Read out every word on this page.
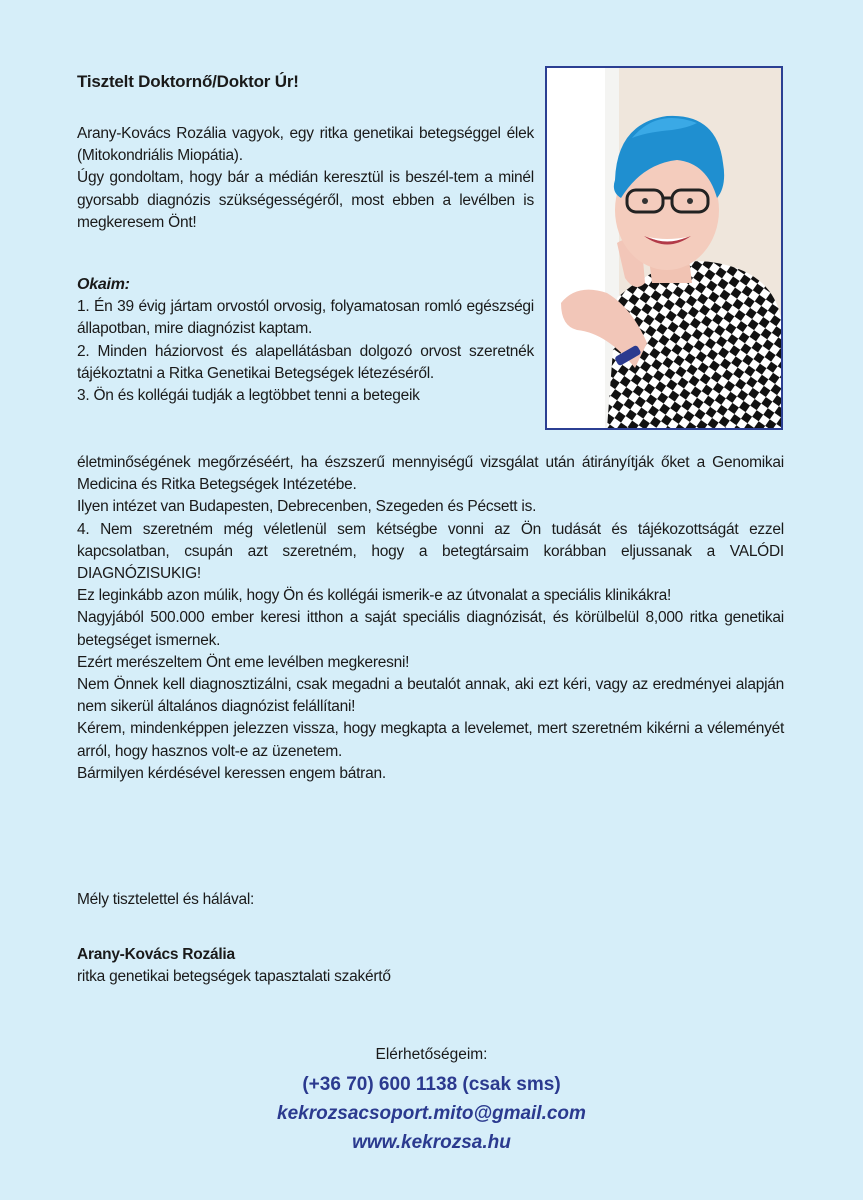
Tisztelt Doktornő/Doktor Úr!

Arany-Kovács Rozália vagyok, egy ritka genetikai betegséggel élek (Mitokondriális Miopátia).

Úgy gondoltam, hogy bár a médián keresztül is beszél-tem a minél gyorsabb diagnózis szükségességéről, most ebben a levélben is megkeresem Önt!

Okaim:

1. Én 39 évig jártam orvostól orvosig, folyamatosan romló egészségi állapotban, mire diagnózist kaptam.

2. Minden háziorvost és alapellátásban dolgozó orvost szeretnék tájékoztatni a Ritka Genetikai Betegségek létezéséről.

3. Ön és kollégái tudják a legtöbbet tenni a betegeik

életminőségének megőrzéséért, ha észszerű mennyiségű vizsgálat után átirányítják őket a Genomikai Medicina és Ritka Betegségek Intézetébe.

Ilyen intézet van Budapesten, Debrecenben, Szegeden és Pécsett is.

4. Nem szeretném még véletlenül sem kétségbe vonni az Ön tudását és tájékozottságát ezzel kapcsolatban, csupán azt szeretném, hogy a betegtársaim korábban eljussanak a VALÓDI DIAGNÓZISUKIG!

Ez leginkább azon múlik, hogy Ön és kollégái ismerik-e az útvonalat a speciális klinikákra!

Nagyjából 500.000 ember keresi itthon a saját speciális diagnózisát, és körülbelül 8,000 ritka genetikai betegséget ismernek.

Ezért merészeltem Önt eme levélben megkeresni!

Nem Önnek kell diagnosztizálni, csak megadni a beutalót annak, aki ezt kéri, vagy az eredményei alapján nem sikerül általános diagnózist felállítani!

Kérem, mindenképpen jelezzen vissza, hogy megkapta a levelemet, mert szeretném kikérni a véleményét arról, hogy hasznos volt-e az üzenetem.

Bármilyen kérdésével keressen engem bátran.

Mély tisztelettel és hálával:

Arany-Kovács Rozália

ritka genetikai betegségek tapasztalati szakértő

Elérhetőségeim:
(+36 70) 600 1138 (csak sms)
kekrozsacsoport.mito@gmail.com
www.kekrozsa.hu
